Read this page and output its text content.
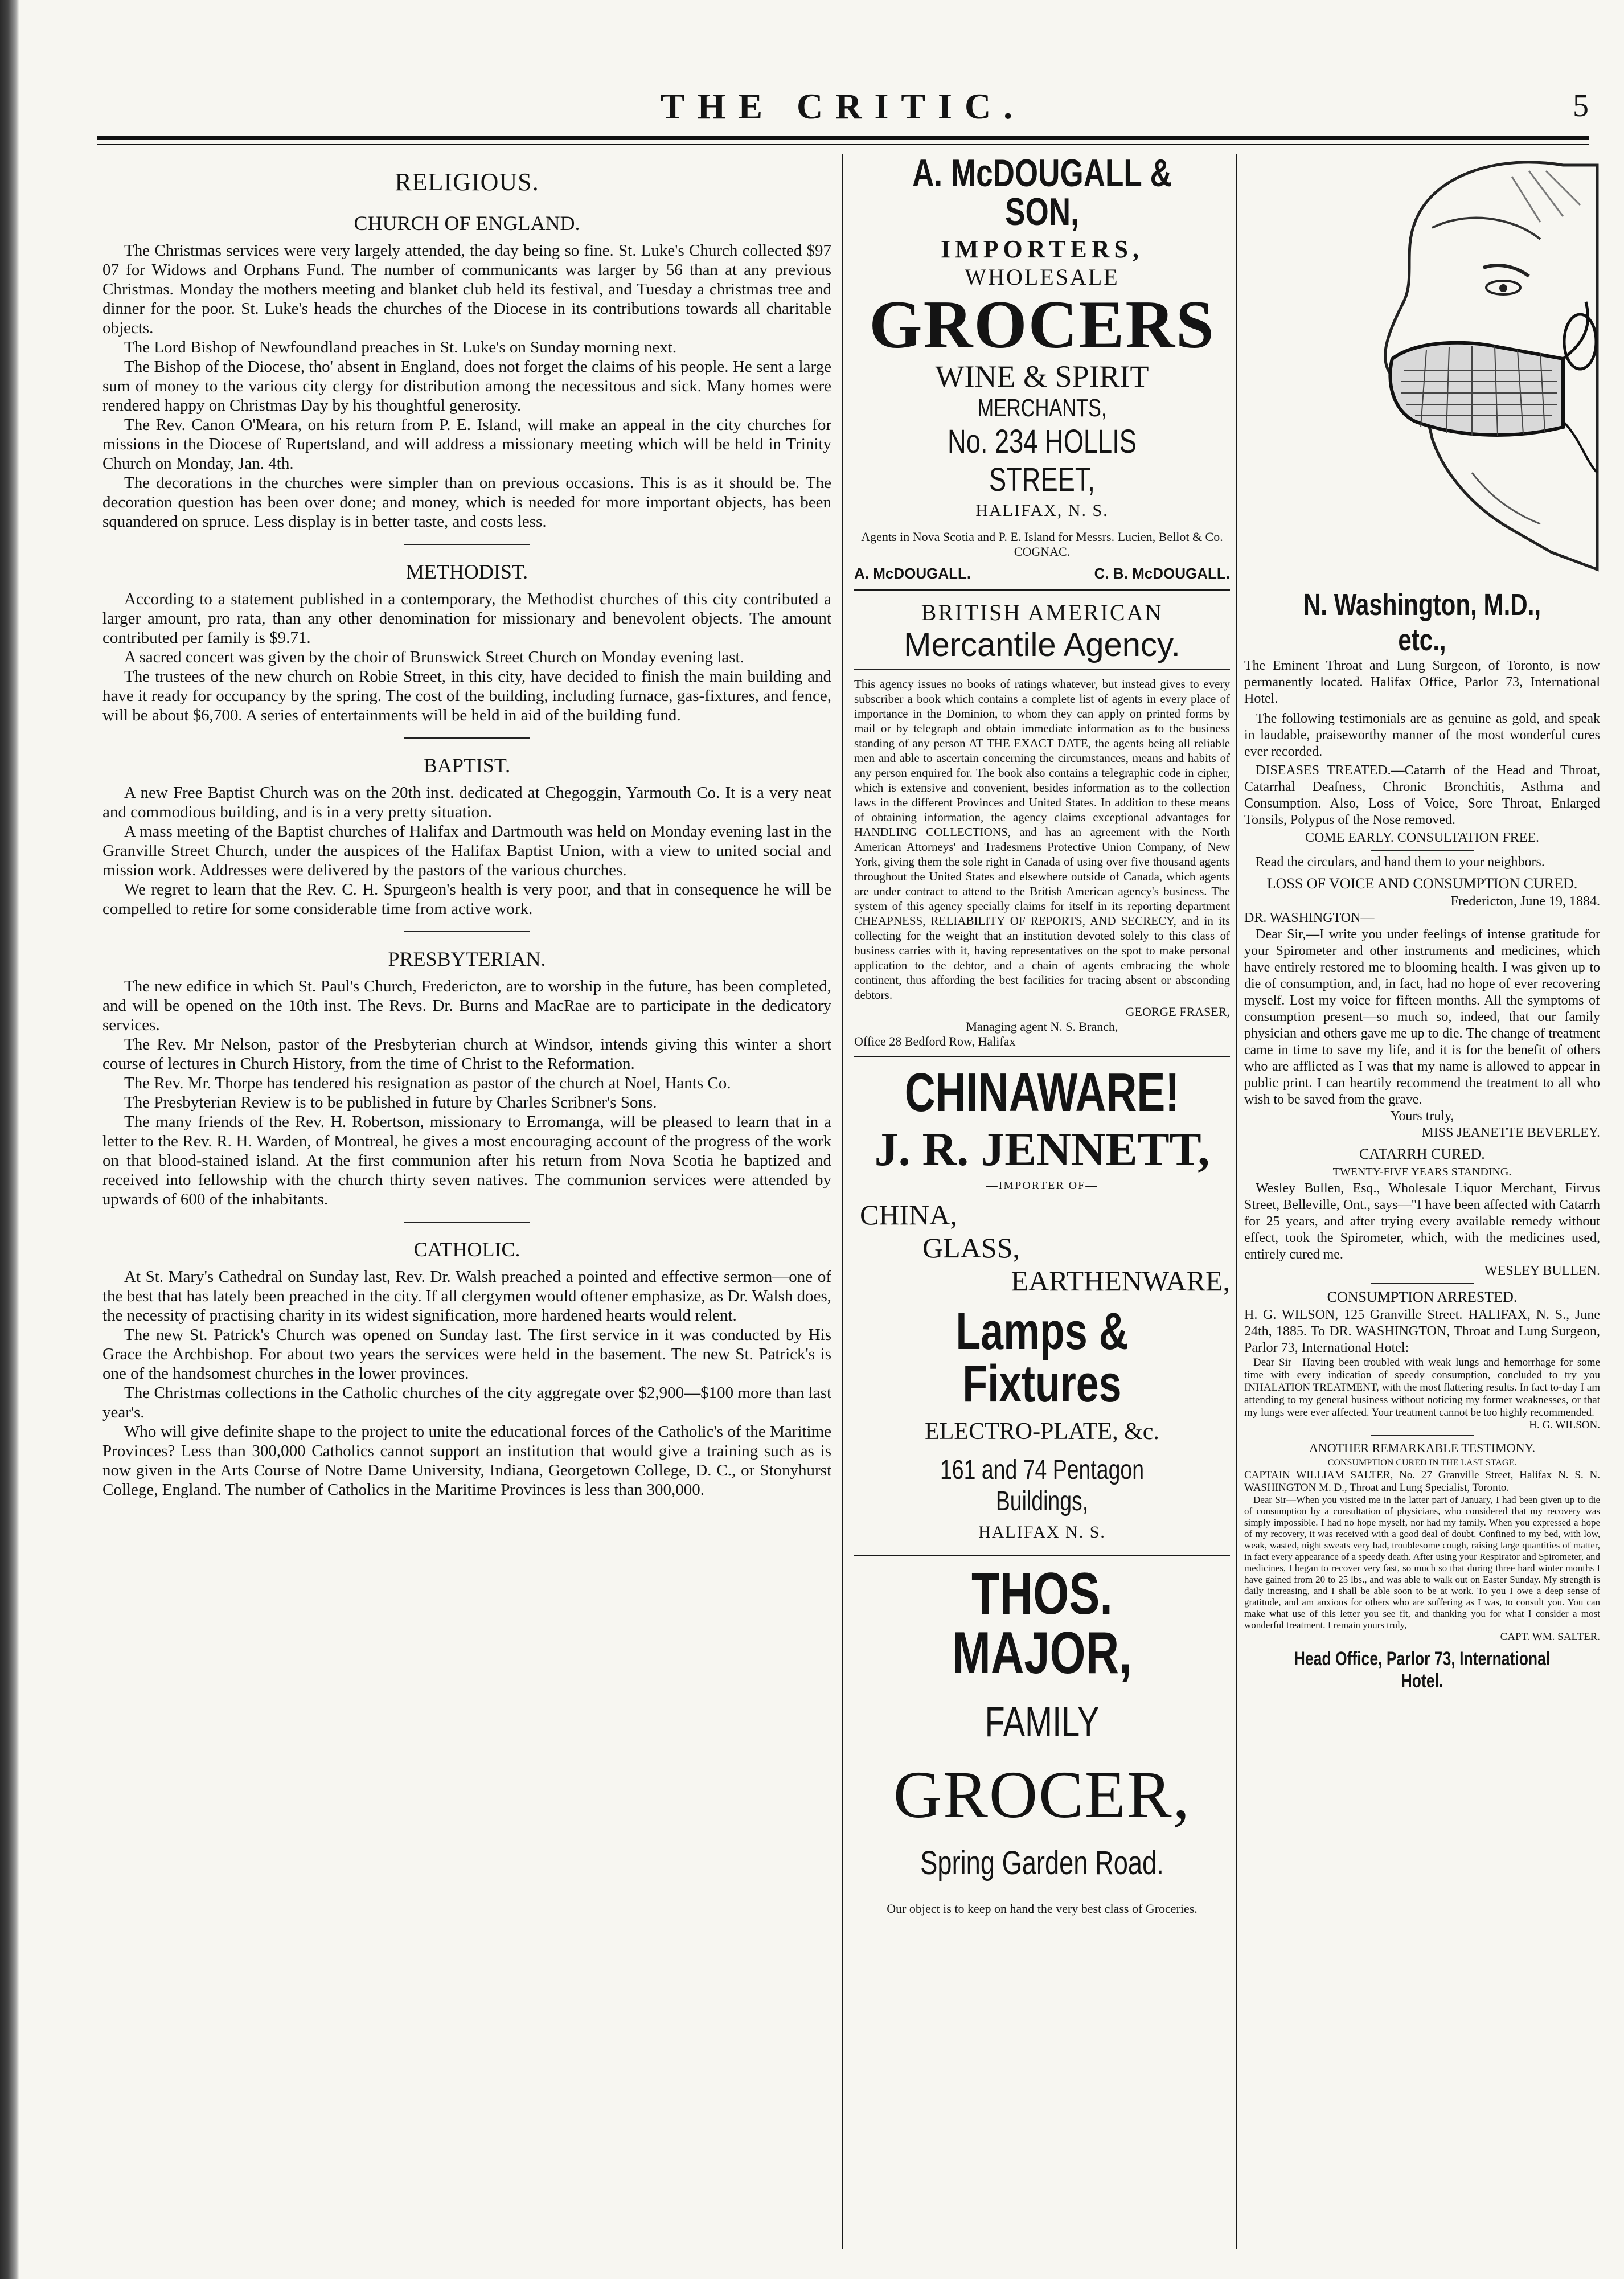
THE CRITIC.	5
RELIGIOUS.
CHURCH OF ENGLAND.

The Christmas services were very largely attended, the day being so fine. St. Luke's Church collected $97 07 for Widows and Orphans Fund. The number of communicants was larger by 56 than at any previous Christmas. Monday the mothers meeting and blanket club held its festival, and Tuesday a christmas tree and dinner for the poor. St. Luke's heads the churches of the Diocese in its contributions towards all charitable objects.

The Lord Bishop of Newfoundland preaches in St. Luke's on Sunday morning next.

The Bishop of the Diocese, tho' absent in England, does not forget the claims of his people. He sent a large sum of money to the various city clergy for distribution among the necessitous and sick. Many homes were rendered happy on Christmas Day by his thoughtful generosity.

The Rev. Canon O'Meara, on his return from P. E. Island, will make an appeal in the city churches for missions in the Diocese of Rupertsland, and will address a missionary meeting which will be held in Trinity Church on Monday, Jan. 4th.

The decorations in the churches were simpler than on previous occasions. This is as it should be. The decoration question has been over done; and money, which is needed for more important objects, has been squandered on spruce. Less display is in better taste, and costs less.

METHODIST.

According to a statement published in a contemporary, the Methodist churches of this city contributed a larger amount, pro rata, than any other denomination for missionary and benevolent objects. The amount contributed per family is $9.71.

A sacred concert was given by the choir of Brunswick Street Church on Monday evening last.

The trustees of the new church on Robie Street, in this city, have decided to finish the main building and have it ready for occupancy by the spring. The cost of the building, including furnace, gas-fixtures, and fence, will be about $6,700. A series of entertainments will be held in aid of the building fund.

BAPTIST.

A new Free Baptist Church was on the 20th inst. dedicated at Chegoggin, Yarmouth Co. It is a very neat and commodious building, and is in a very pretty situation.

A mass meeting of the Baptist churches of Halifax and Dartmouth was held on Monday evening last in the Granville Street Church, under the auspices of the Halifax Baptist Union, with a view to united social and mission work. Addresses were delivered by the pastors of the various churches.

We regret to learn that the Rev. C. H. Spurgeon's health is very poor, and that in consequence he will be compelled to retire for some considerable time from active work.

PRESBYTERIAN.

The new edifice in which St. Paul's Church, Fredericton, are to worship in the future, has been completed, and will be opened on the 10th inst. The Revs. Dr. Burns and MacRae are to participate in the dedicatory services.

The Rev. Mr Nelson, pastor of the Presbyterian church at Windsor, intends giving this winter a short course of lectures in Church History, from the time of Christ to the Reformation.

The Rev. Mr. Thorpe has tendered his resignation as pastor of the church at Noel, Hants Co.

The Presbyterian Review is to be published in future by Charles Scribner's Sons.

The many friends of the Rev. H. Robertson, missionary to Erromanga, will be pleased to learn that in a letter to the Rev. R. H. Warden, of Montreal, he gives a most encouraging account of the progress of the work on that blood-stained island. At the first communion after his return from Nova Scotia he baptized and received into fellowship with the church thirty seven natives. The communion services were attended by upwards of 600 of the inhabitants.

CATHOLIC.

At St. Mary's Cathedral on Sunday last, Rev. Dr. Walsh preached a pointed and effective sermon—one of the best that has lately been preached in the city. If all clergymen would oftener emphasize, as Dr. Walsh does, the necessity of practising charity in its widest signification, more hardened hearts would relent.

The new St. Patrick's Church was opened on Sunday last. The first service in it was conducted by His Grace the Archbishop. For about two years the services were held in the basement. The new St. Patrick's is one of the handsomest churches in the lower provinces.

The Christmas collections in the Catholic churches of the city aggregate over $2,900—$100 more than last year's.

Who will give definite shape to the project to unite the educational forces of the Catholic's of the Maritime Provinces? Less than 300,000 Catholics cannot support an institution that would give a training such as is now given in the Arts Course of Notre Dame University, Indiana, Georgetown College, D. C., or Stonyhurst College, England. The number of Catholics in the Maritime Provinces is less than 300,000.

A. McDOUGALL & SON,
IMPORTERS,
WHOLESALE
GROCERS
WINE & SPIRIT
MERCHANTS,
No. 234 HOLLIS STREET,
HALIFAX, N. S.
Agents in Nova Scotia and P. E. Island for Messrs. Lucien, Bellot & Co. COGNAC.
A. McDOUGALL.	C. B. McDOUGALL.
BRITISH AMERICAN
Mercantile Agency.
This agency issues no books of ratings whatever, but instead gives to every subscriber a book which contains a complete list of agents in every place of importance in the Dominion, to whom they can apply on printed forms by mail or by telegraph and obtain immediate information as to the business standing of any person AT THE EXACT DATE, the agents being all reliable men and able to ascertain concerning the circumstances, means and habits of any person enquired for. The book also contains a telegraphic code in cipher, which is extensive and convenient, besides information as to the collection laws in the different Provinces and United States. In addition to these means of obtaining information, the agency claims exceptional advantages for HANDLING COLLECTIONS, and has an agreement with the North American Attorneys' and Tradesmens Protective Union Company, of New York, giving them the sole right in Canada of using over five thousand agents throughout the United States and elsewhere outside of Canada, which agents are under contract to attend to the British American agency's business. The system of this agency specially claims for itself in its reporting department CHEAPNESS, RELIABILITY OF REPORTS, AND SECRECY, and in its collecting for the weight that an institution devoted solely to this class of business carries with it, having representatives on the spot to make personal application to the debtor, and a chain of agents embracing the whole continent, thus affording the best facilities for tracing absent or absconding debtors.
GEORGE FRASER,
Managing agent N. S. Branch,
Office 28 Bedford Row, Halifax
CHINAWARE!
J. R. JENNETT,
—IMPORTER OF—
CHINA,
GLASS,
EARTHENWARE,
Lamps & Fixtures
ELECTRO-PLATE, &c.
161 and 74 Pentagon Buildings,
HALIFAX N. S.
THOS. MAJOR,
FAMILY
GROCER,
Spring Garden Road.
Our object is to keep on hand the very best class of Groceries.
N. Washington, M.D., etc.,

The Eminent Throat and Lung Surgeon, of Toronto, is now permanently located. Halifax Office, Parlor 73, International Hotel.

The following testimonials are as genuine as gold, and speak in laudable, praiseworthy manner of the most wonderful cures ever recorded.

DISEASES TREATED.—Catarrh of the Head and Throat, Catarrhal Deafness, Chronic Bronchitis, Asthma and Consumption. Also, Loss of Voice, Sore Throat, Enlarged Tonsils, Polypus of the Nose removed.

COME EARLY. CONSULTATION FREE.

Read the circulars, and hand them to your neighbors.

LOSS OF VOICE AND CONSUMPTION CURED.

Fredericton, June 19, 1884.

DR. WASHINGTON—

Dear Sir,—I write you under feelings of intense gratitude for your Spirometer and other instruments and medicines, which have entirely restored me to blooming health. I was given up to die of consumption, and, in fact, had no hope of ever recovering myself. Lost my voice for fifteen months. All the symptoms of consumption present—so much so, indeed, that our family physician and others gave me up to die. The change of treatment came in time to save my life, and it is for the benefit of others who are afflicted as I was that my name is allowed to appear in public print. I can heartily recommend the treatment to all who wish to be saved from the grave.

Yours truly,

MISS JEANETTE BEVERLEY.

CATARRH CURED.

TWENTY-FIVE YEARS STANDING.

Wesley Bullen, Esq., Wholesale Liquor Merchant, Firvus Street, Belleville, Ont., says—"I have been affected with Catarrh for 25 years, and after trying every available remedy without effect, took the Spirometer, which, with the medicines used, entirely cured me.

WESLEY BULLEN.

CONSUMPTION ARRESTED.

H. G. WILSON, 125 Granville Street. HALIFAX, N. S., June 24th, 1885. To DR. WASHINGTON, Throat and Lung Surgeon, Parlor 73, International Hotel:

Dear Sir—Having been troubled with weak lungs and hemorrhage for some time with every indication of speedy consumption, concluded to try you INHALATION TREATMENT, with the most flattering results. In fact to-day I am attending to my general business without noticing my former weaknesses, or that my lungs were ever affected. Your treatment cannot be too highly recommended.

H. G. WILSON.

ANOTHER REMARKABLE TESTIMONY.

CONSUMPTION CURED IN THE LAST STAGE.

CAPTAIN WILLIAM SALTER, No. 27 Granville Street, Halifax N. S. N. WASHINGTON M. D., Throat and Lung Specialist, Toronto.

Dear Sir—When you visited me in the latter part of January, I had been given up to die of consumption by a consultation of physicians, who considered that my recovery was simply impossible. I had no hope myself, nor had my family. When you expressed a hope of my recovery, it was received with a good deal of doubt. Confined to my bed, with low, weak, wasted, night sweats very bad, troublesome cough, raising large quantities of matter, in fact every appearance of a speedy death. After using your Respirator and Spirometer, and medicines, I began to recover very fast, so much so that during three hard winter months I have gained from 20 to 25 lbs., and was able to walk out on Easter Sunday. My strength is daily increasing, and I shall be able soon to be at work. To you I owe a deep sense of gratitude, and am anxious for others who are suffering as I was, to consult you. You can make what use of this letter you see fit, and thanking you for what I consider a most wonderful treatment. I remain yours truly,

CAPT. WM. SALTER.

Head Office, Parlor 73, International Hotel.
